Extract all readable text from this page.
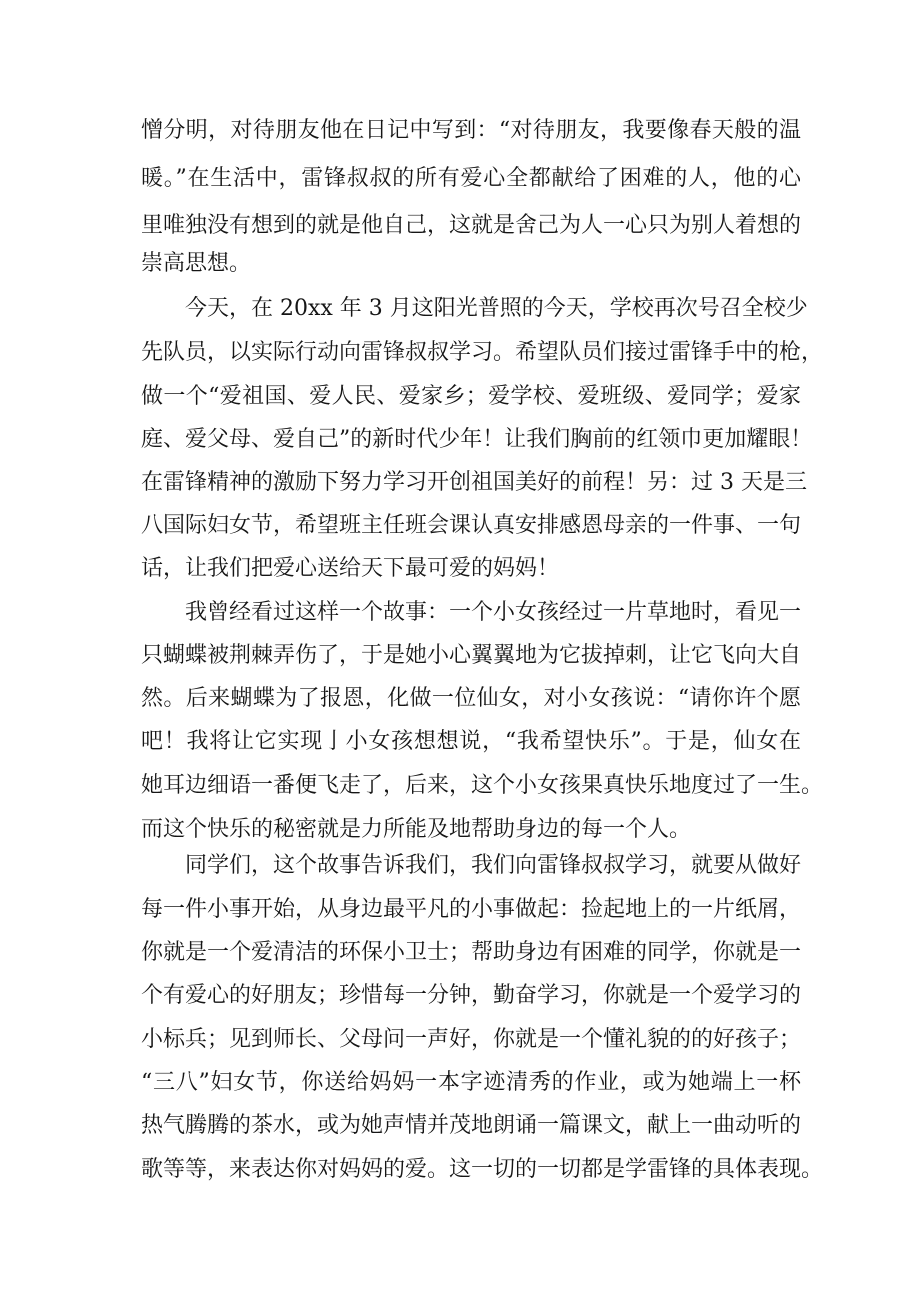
憎分明，对待朋友他在日记中写到：“对待朋友，我要像春天般的温
暖。”在生活中，雷锋叔叔的所有爱心全都献给了困难的人，他的心
里唯独没有想到的就是他自己，这就是舍己为人一心只为别人着想的
崇高思想。
今天，在 20xx 年 3 月这阳光普照的今天，学校再次号召全校少
先队员，以实际行动向雷锋叔叔学习。希望队员们接过雷锋手中的枪，
做一个“爱祖国、爱人民、爱家乡；爱学校、爱班级、爱同学；爱家
庭、爱父母、爱自己”的新时代少年！让我们胸前的红领巾更加耀眼！
在雷锋精神的激励下努力学习开创祖国美好的前程！另：过 3 天是三
八国际妇女节，希望班主任班会课认真安排感恩母亲的一件事、一句
话，让我们把爱心送给天下最可爱的妈妈！
我曾经看过这样一个故事：一个小女孩经过一片草地时，看见一
只蝴蝶被荆棘弄伤了，于是她小心翼翼地为它拔掉刺，让它飞向大自
然。后来蝴蝶为了报恩，化做一位仙女，对小女孩说：“请你许个愿
吧！我将让它实现亅小女孩想想说，“我希望快乐”。于是，仙女在
她耳边细语一番便飞走了，后来，这个小女孩果真快乐地度过了一生。
而这个快乐的秘密就是力所能及地帮助身边的每一个人。
同学们，这个故事告诉我们，我们向雷锋叔叔学习，就要从做好
每一件小事开始，从身边最平凡的小事做起：捡起地上的一片纸屑，
你就是一个爱清洁的环保小卫士；帮助身边有困难的同学，你就是一
个有爱心的好朋友；珍惜每一分钟，勤奋学习，你就是一个爱学习的
小标兵；见到师长、父母问一声好，你就是一个懂礼貌的的好孩子；
“三八”妇女节，你送给妈妈一本字迹清秀的作业，或为她端上一杯
热气腾腾的茶水，或为她声情并茂地朗诵一篇课文，献上一曲动听的
歌等等，来表达你对妈妈的爱。这一切的一切都是学雷锋的具体表现。
